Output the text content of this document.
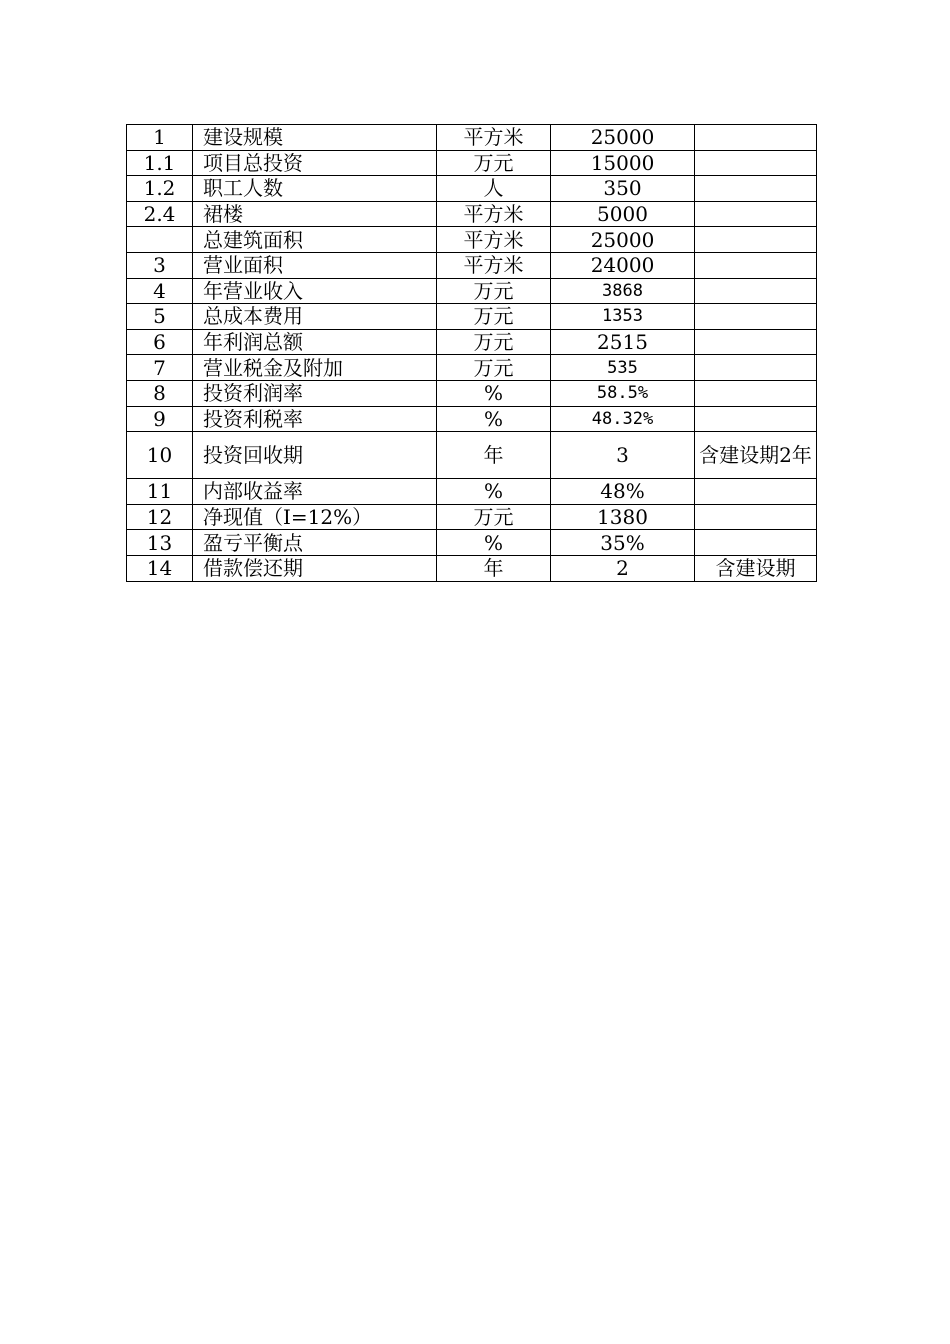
1	建设规模	平方米	25000	
1.1	项目总投资	万元	15000	
1.2	职工人数	人	350	
2.4	裙楼	平方米	5000	
	总建筑面积	平方米	25000	
3	营业面积	平方米	24000	
4	年营业收入	万元	3868	
5	总成本费用	万元	1353	
6	年利润总额	万元	2515	
7	营业税金及附加	万元	535	
8	投资利润率	%	58.5%	
9	投资利税率	%	48.32%	
10	投资回收期	年	3	含建设期2年
11	内部收益率	%	48%	
12	净现值（I=12%）	万元	1380	
13	盈亏平衡点	%	35%	
14	借款偿还期	年	2	含建设期
